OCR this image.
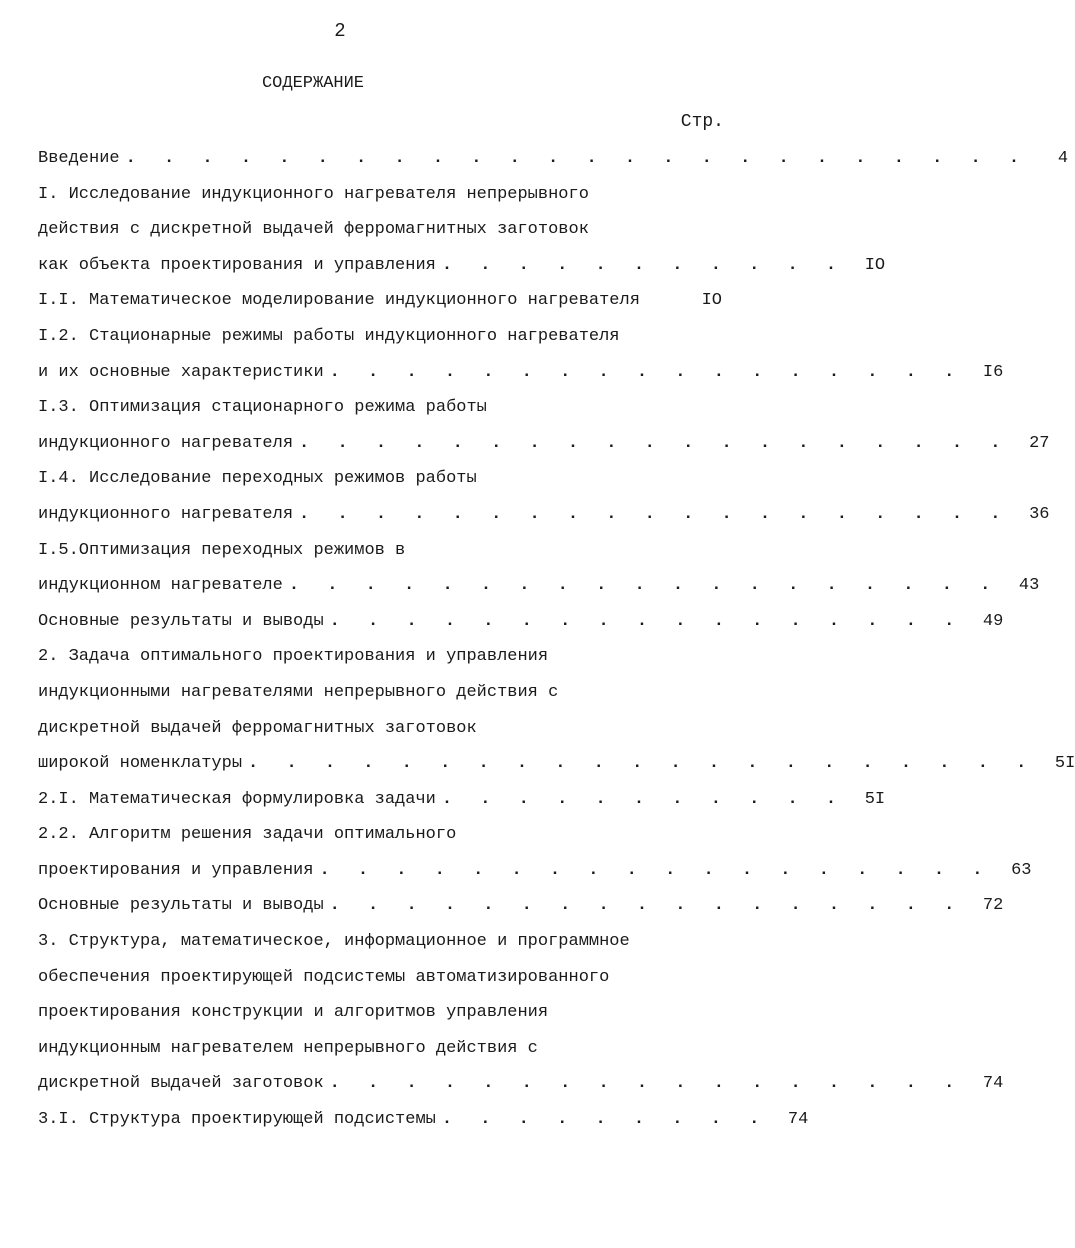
2
СОДЕРЖАНИЕ
Стр.
Введение . . . . . . . . . . . . . . . . . . . . . . . .	4
I. Исследование индукционного нагревателя непрерывного
действия с дискретной выдачей ферромагнитных заготовок
как объекта проектирования и управления . . . . . . . . . . .	IO
I.I. Математическое моделирование индукционного нагревателя	IO
I.2. Стационарные режимы работы индукционного нагревателя
и их основные характеристики . . . . . . . . . . . . . . . . .	I6
I.3. Оптимизация стационарного режима работы
индукционного нагревателя . . . . . . . . . . . . . . . . . . .	27
I.4. Исследование переходных режимов работы
индукционного нагревателя . . . . . . . . . . . . . . . . . . .	36
I.5.Оптимизация переходных режимов в
индукционном нагревателе . . . . . . . . . . . . . . . . . . .	43
Основные результаты и выводы . . . . . . . . . . . . . . . . .	49
2. Задача оптимального проектирования и управления
индукционными нагревателями непрерывного действия с
дискретной выдачей ферромагнитных заготовок
широкой номенклатуры . . . . . . . . . . . . . . . . . . . . .	5I
2.I. Математическая формулировка задачи . . . . . . . . . . .	5I
2.2. Алгоритм решения задачи оптимального
проектирования и управления . . . . . . . . . . . . . . . . . .	63
Основные результаты и выводы . . . . . . . . . . . . . . . . .	72
3. Структура, математическое, информационное и программное
обеспечения проектирующей подсистемы автоматизированного
проектирования конструкции и алгоритмов управления
индукционным нагревателем непрерывного действия с
дискретной выдачей заготовок . . . . . . . . . . . . . . . . .	74
3.I. Структура проектирующей подсистемы . . . . . . . . .	74
